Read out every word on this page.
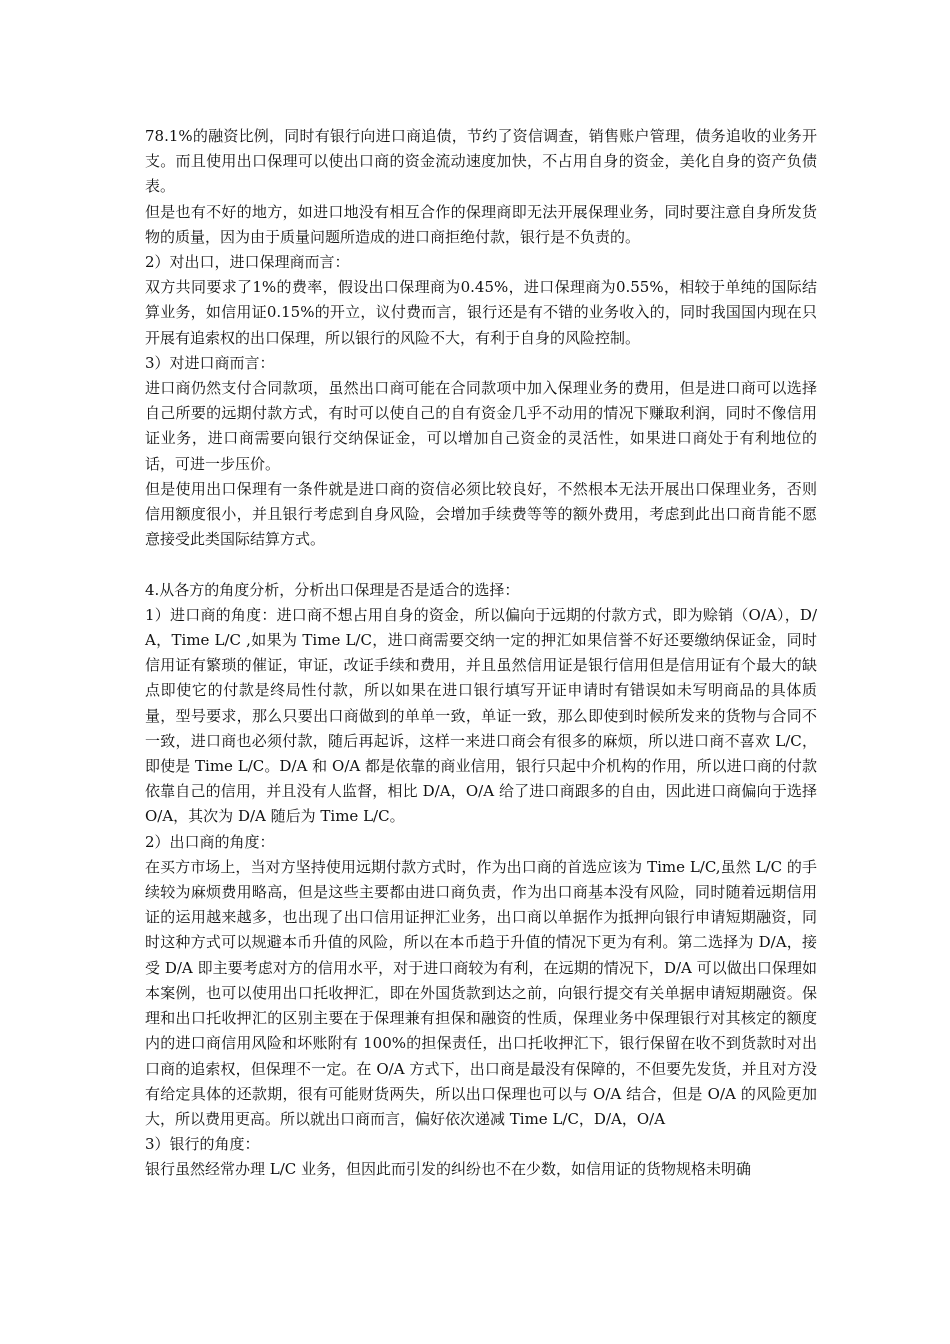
78.1%的融资比例，同时有银行向进口商追债，节约了资信调查，销售账户管理，债务追收的业务开支。而且使用出口保理可以使出口商的资金流动速度加快，不占用自身的资金，美化自身的资产负债表。

但是也有不好的地方，如进口地没有相互合作的保理商即无法开展保理业务，同时要注意自身所发货物的质量，因为由于质量问题所造成的进口商拒绝付款，银行是不负责的。

2）对出口，进口保理商而言：

双方共同要求了1%的费率，假设出口保理商为0.45%，进口保理商为0.55%，相较于单纯的国际结算业务，如信用证0.15%的开立，议付费而言，银行还是有不错的业务收入的，同时我国国内现在只开展有追索权的出口保理，所以银行的风险不大，有利于自身的风险控制。

3）对进口商而言：

进口商仍然支付合同款项，虽然出口商可能在合同款项中加入保理业务的费用，但是进口商可以选择自己所要的远期付款方式，有时可以使自己的自有资金几乎不动用的情况下赚取利润，同时不像信用证业务，进口商需要向银行交纳保证金，可以增加自己资金的灵活性，如果进口商处于有利地位的话，可进一步压价。

但是使用出口保理有一条件就是进口商的资信必须比较良好，不然根本无法开展出口保理业务，否则信用额度很小，并且银行考虑到自身风险，会增加手续费等等的额外费用，考虑到此出口商肯能不愿意接受此类国际结算方式。

4.从各方的角度分析，分析出口保理是否是适合的选择：

1）进口商的角度：进口商不想占用自身的资金，所以偏向于远期的付款方式，即为赊销（O/A），D/A，Time L/C ,如果为 Time L/C，进口商需要交纳一定的押汇如果信誉不好还要缴纳保证金，同时信用证有繁琐的催证，审证，改证手续和费用，并且虽然信用证是银行信用但是信用证有个最大的缺点即使它的付款是终局性付款，所以如果在进口银行填写开证申请时有错误如未写明商品的具体质量，型号要求，那么只要出口商做到的单单一致，单证一致，那么即使到时候所发来的货物与合同不一致，进口商也必须付款，随后再起诉，这样一来进口商会有很多的麻烦，所以进口商不喜欢 L/C，即使是 Time L/C。D/A 和 O/A 都是依靠的商业信用，银行只起中介机构的作用，所以进口商的付款依靠自己的信用，并且没有人监督，相比 D/A，O/A 给了进口商跟多的自由，因此进口商偏向于选择 O/A，其次为 D/A 随后为 Time L/C。

2）出口商的角度：

在买方市场上，当对方坚持使用远期付款方式时，作为出口商的首选应该为 Time L/C,虽然 L/C 的手续较为麻烦费用略高，但是这些主要都由进口商负责，作为出口商基本没有风险，同时随着远期信用证的运用越来越多，也出现了出口信用证押汇业务，出口商以单据作为抵押向银行申请短期融资，同时这种方式可以规避本币升值的风险，所以在本币趋于升值的情况下更为有利。第二选择为 D/A，接受 D/A 即主要考虑对方的信用水平，对于进口商较为有利，在远期的情况下，D/A 可以做出口保理如本案例，也可以使用出口托收押汇，即在外国货款到达之前，向银行提交有关单据申请短期融资。保理和出口托收押汇的区别主要在于保理兼有担保和融资的性质，保理业务中保理银行对其核定的额度内的进口商信用风险和坏账附有 100%的担保责任，出口托收押汇下，银行保留在收不到货款时对出口商的追索权，但保理不一定。在 O/A 方式下，出口商是最没有保障的，不但要先发货，并且对方没有给定具体的还款期，很有可能财货两失，所以出口保理也可以与 O/A 结合，但是 O/A 的风险更加大，所以费用更高。所以就出口商而言，偏好依次递减 Time L/C，D/A，O/A

3）银行的角度：

银行虽然经常办理 L/C 业务，但因此而引发的纠纷也不在少数，如信用证的货物规格未明确
